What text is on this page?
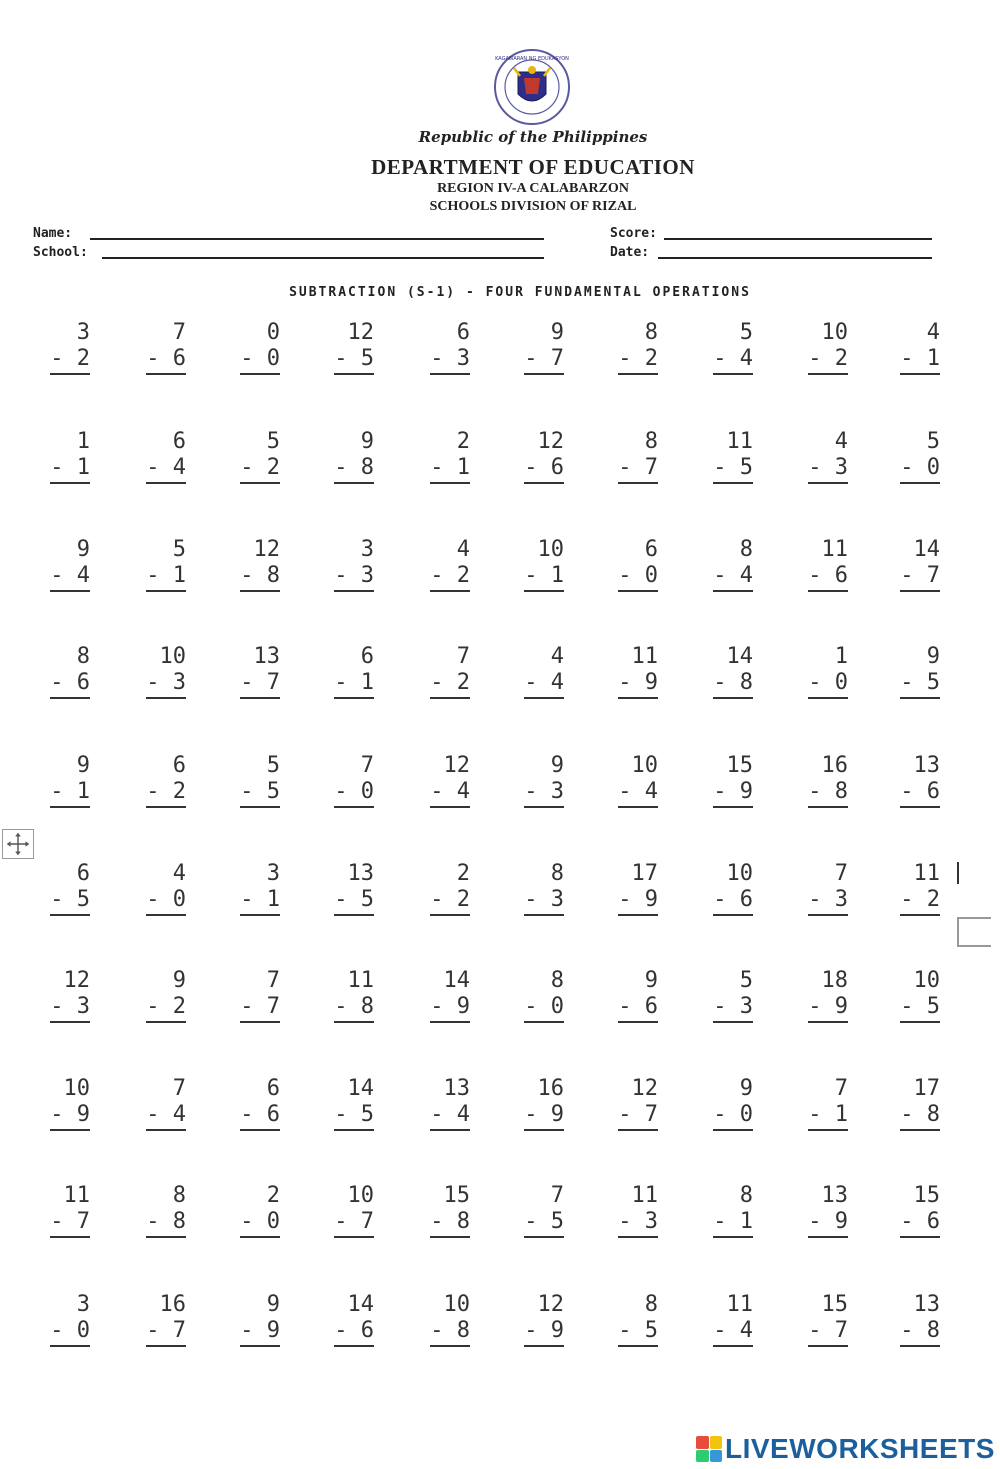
KAGAWARAN NG EDUKASYON
Republic of the Philippines
DEPARTMENT OF EDUCATION
REGION IV-A CALABARZON
SCHOOLS DIVISION OF RIZAL
Name:
School:
Score:
Date:
SUBTRACTION (S-1) - FOUR FUNDAMENTAL OPERATIONS
3
- 2
7
- 6
0
- 0
12
- 5
6
- 3
9
- 7
8
- 2
5
- 4
10
- 2
4
- 1
1
- 1
6
- 4
5
- 2
9
- 8
2
- 1
12
- 6
8
- 7
11
- 5
4
- 3
5
- 0
9
- 4
5
- 1
12
- 8
3
- 3
4
- 2
10
- 1
6
- 0
8
- 4
11
- 6
14
- 7
8
- 6
10
- 3
13
- 7
6
- 1
7
- 2
4
- 4
11
- 9
14
- 8
1
- 0
9
- 5
9
- 1
6
- 2
5
- 5
7
- 0
12
- 4
9
- 3
10
- 4
15
- 9
16
- 8
13
- 6
6
- 5
4
- 0
3
- 1
13
- 5
2
- 2
8
- 3
17
- 9
10
- 6
7
- 3
11
- 2
12
- 3
9
- 2
7
- 7
11
- 8
14
- 9
8
- 0
9
- 6
5
- 3
18
- 9
10
- 5
10
- 9
7
- 4
6
- 6
14
- 5
13
- 4
16
- 9
12
- 7
9
- 0
7
- 1
17
- 8
11
- 7
8
- 8
2
- 0
10
- 7
15
- 8
7
- 5
11
- 3
8
- 1
13
- 9
15
- 6
3
- 0
16
- 7
9
- 9
14
- 6
10
- 8
12
- 9
8
- 5
11
- 4
15
- 7
13
- 8
LIVEWORKSHEETS
